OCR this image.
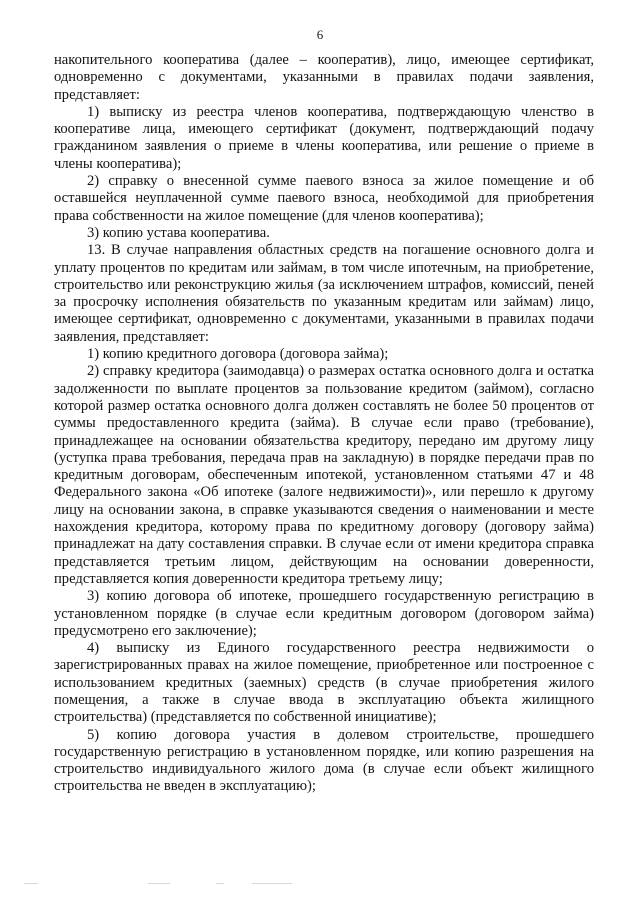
6

накопительного кооператива (далее – кооператив), лицо, имеющее сертификат, одновременно с документами, указанными в правилах подачи заявления, представляет:

1) выписку из реестра членов кооператива, подтверждающую членство в кооперативе лица, имеющего сертификат (документ, подтверждающий подачу гражданином заявления о приеме в члены кооператива, или решение о приеме в члены кооператива);

2) справку о внесенной сумме паевого взноса за жилое помещение и об оставшейся неуплаченной сумме паевого взноса, необходимой для приобретения права собственности на жилое помещение (для членов кооператива);

3) копию устава кооператива.

13. В случае направления областных средств на погашение основного долга и уплату процентов по кредитам или займам, в том числе ипотечным, на приобретение, строительство или реконструкцию жилья (за исключением штрафов, комиссий, пеней за просрочку исполнения обязательств по указанным кредитам или займам) лицо, имеющее сертификат, одновременно с документами, указанными в правилах подачи заявления, представляет:

1) копию кредитного договора (договора займа);

2) справку кредитора (заимодавца) о размерах остатка основного долга и остатка задолженности по выплате процентов за пользование кредитом (займом), согласно которой размер остатка основного долга должен составлять не более 50 процентов от суммы предоставленного кредита (займа). В случае если право (требование), принадлежащее на основании обязательства кредитору, передано им другому лицу (уступка права требования, передача прав на закладную) в порядке передачи прав по кредитным договорам, обеспеченным ипотекой, установленном статьями 47 и 48 Федерального закона «Об ипотеке (залоге недвижимости)», или перешло к другому лицу на основании закона, в справке указываются сведения о наименовании и месте нахождения кредитора, которому права по кредитному договору (договору займа) принадлежат на дату составления справки. В случае если от имени кредитора справка представляется третьим лицом, действующим на основании доверенности, представляется копия доверенности кредитора третьему лицу;

3) копию договора об ипотеке, прошедшего государственную регистрацию в установленном порядке (в случае если кредитным договором (договором займа) предусмотрено его заключение);

4) выписку из Единого государственного реестра недвижимости о зарегистрированных правах на жилое помещение, приобретенное или построенное с использованием кредитных (заемных) средств (в случае приобретения жилого помещения, а также в случае ввода в эксплуатацию объекта жилищного строительства) (представляется по собственной инициативе);

5) копию договора участия в долевом строительстве, прошедшего государственную регистрацию в установленном порядке, или копию разрешения на строительство индивидуального жилого дома (в случае если объект жилищного строительства не введен в эксплуатацию);
